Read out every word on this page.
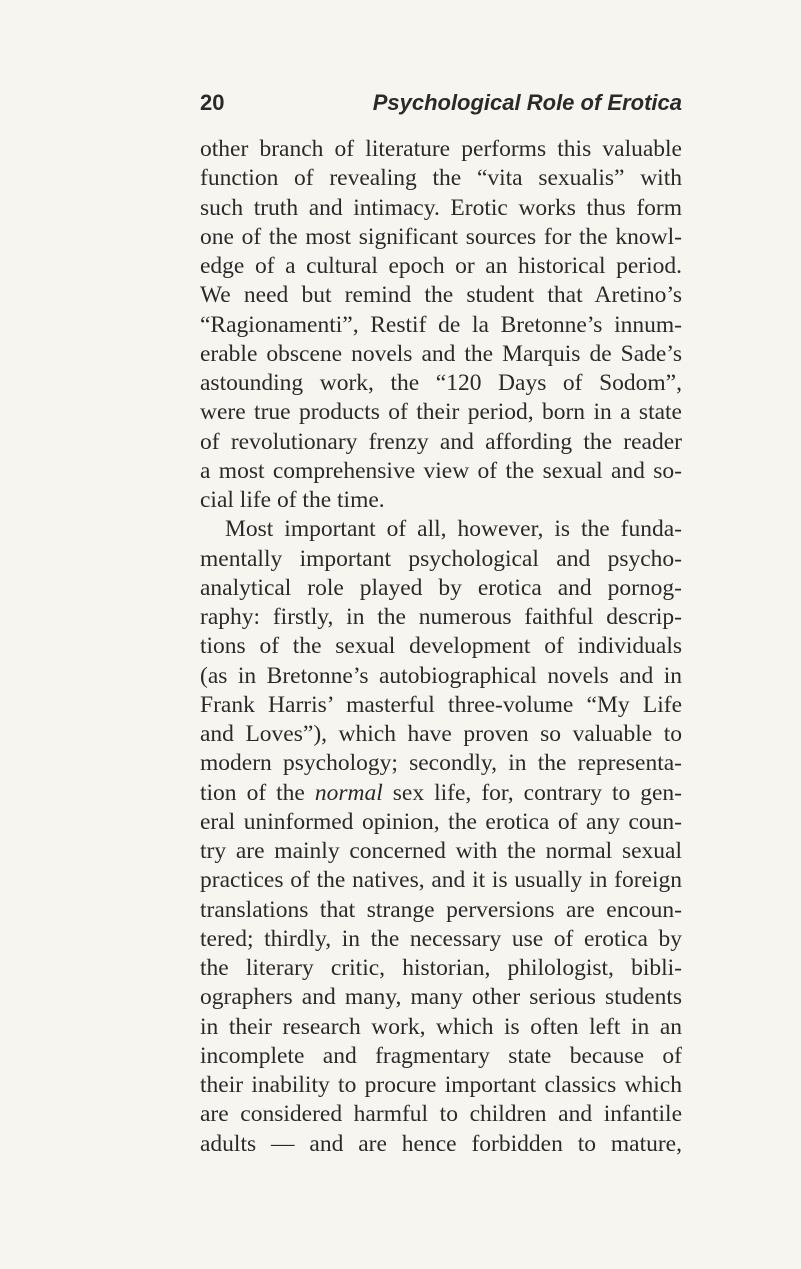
20	Psychological Role of Erotica
other branch of literature performs this valuable
function of revealing the “vita sexualis” with
such truth and intimacy. Erotic works thus form
one of the most significant sources for the knowl-
edge of a cultural epoch or an historical period.
We need but remind the student that Aretino’s
“Ragionamenti”, Restif de la Bretonne’s innum-
erable obscene novels and the Marquis de Sade’s
astounding work, the “120 Days of Sodom”,
were true products of their period, born in a state
of revolutionary frenzy and affording the reader
a most comprehensive view of the sexual and so-
cial life of the time.
Most important of all, however, is the funda-
mentally important psychological and psycho-
analytical role played by erotica and pornog-
raphy: firstly, in the numerous faithful descrip-
tions of the sexual development of individuals
(as in Bretonne’s autobiographical novels and in
Frank Harris’ masterful three-volume “My Life
and Loves”), which have proven so valuable to
modern psychology; secondly, in the representa-
tion of the normal sex life, for, contrary to gen-
eral uninformed opinion, the erotica of any coun-
try are mainly concerned with the normal sexual
practices of the natives, and it is usually in foreign
translations that strange perversions are encoun-
tered; thirdly, in the necessary use of erotica by
the literary critic, historian, philologist, bibli-
ographers and many, many other serious students
in their research work, which is often left in an
incomplete and fragmentary state because of
their inability to procure important classics which
are considered harmful to children and infantile
adults — and are hence forbidden to mature,
